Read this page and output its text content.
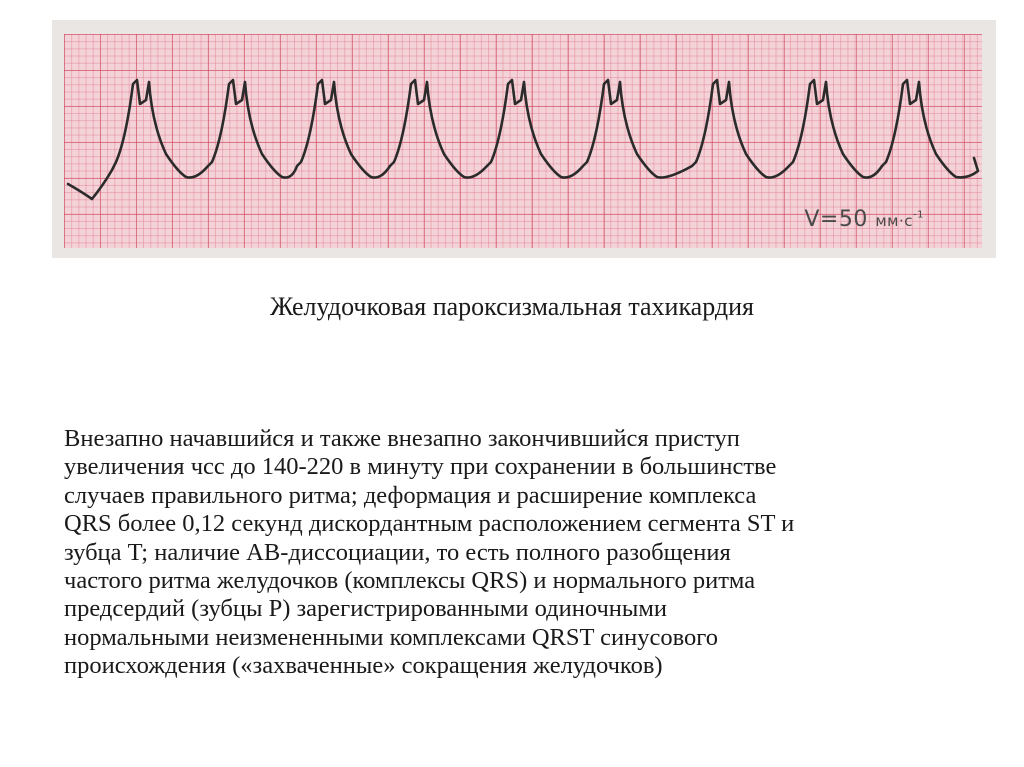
V=50 $мм\cdot с^{-1}$
Желудочковая пароксизмальная тахикардия
Внезапно начавшийся и также внезапно закончившийся приступ
увеличения чсс до 140-220 в минуту при сохранении в большинстве
случаев правильного ритма; деформация и расширение комплекса
QRS более 0,12 секунд дискордантным расположением сегмента ST и
зубца T; наличие АВ-диссоциации, то есть полного разобщения
частого ритма желудочков (комплексы QRS) и нормального ритма
предсердий (зубцы P) зарегистрированными одиночными
нормальными неизмененными комплексами QRST синусового
происхождения («захваченные» сокращения желудочков)
